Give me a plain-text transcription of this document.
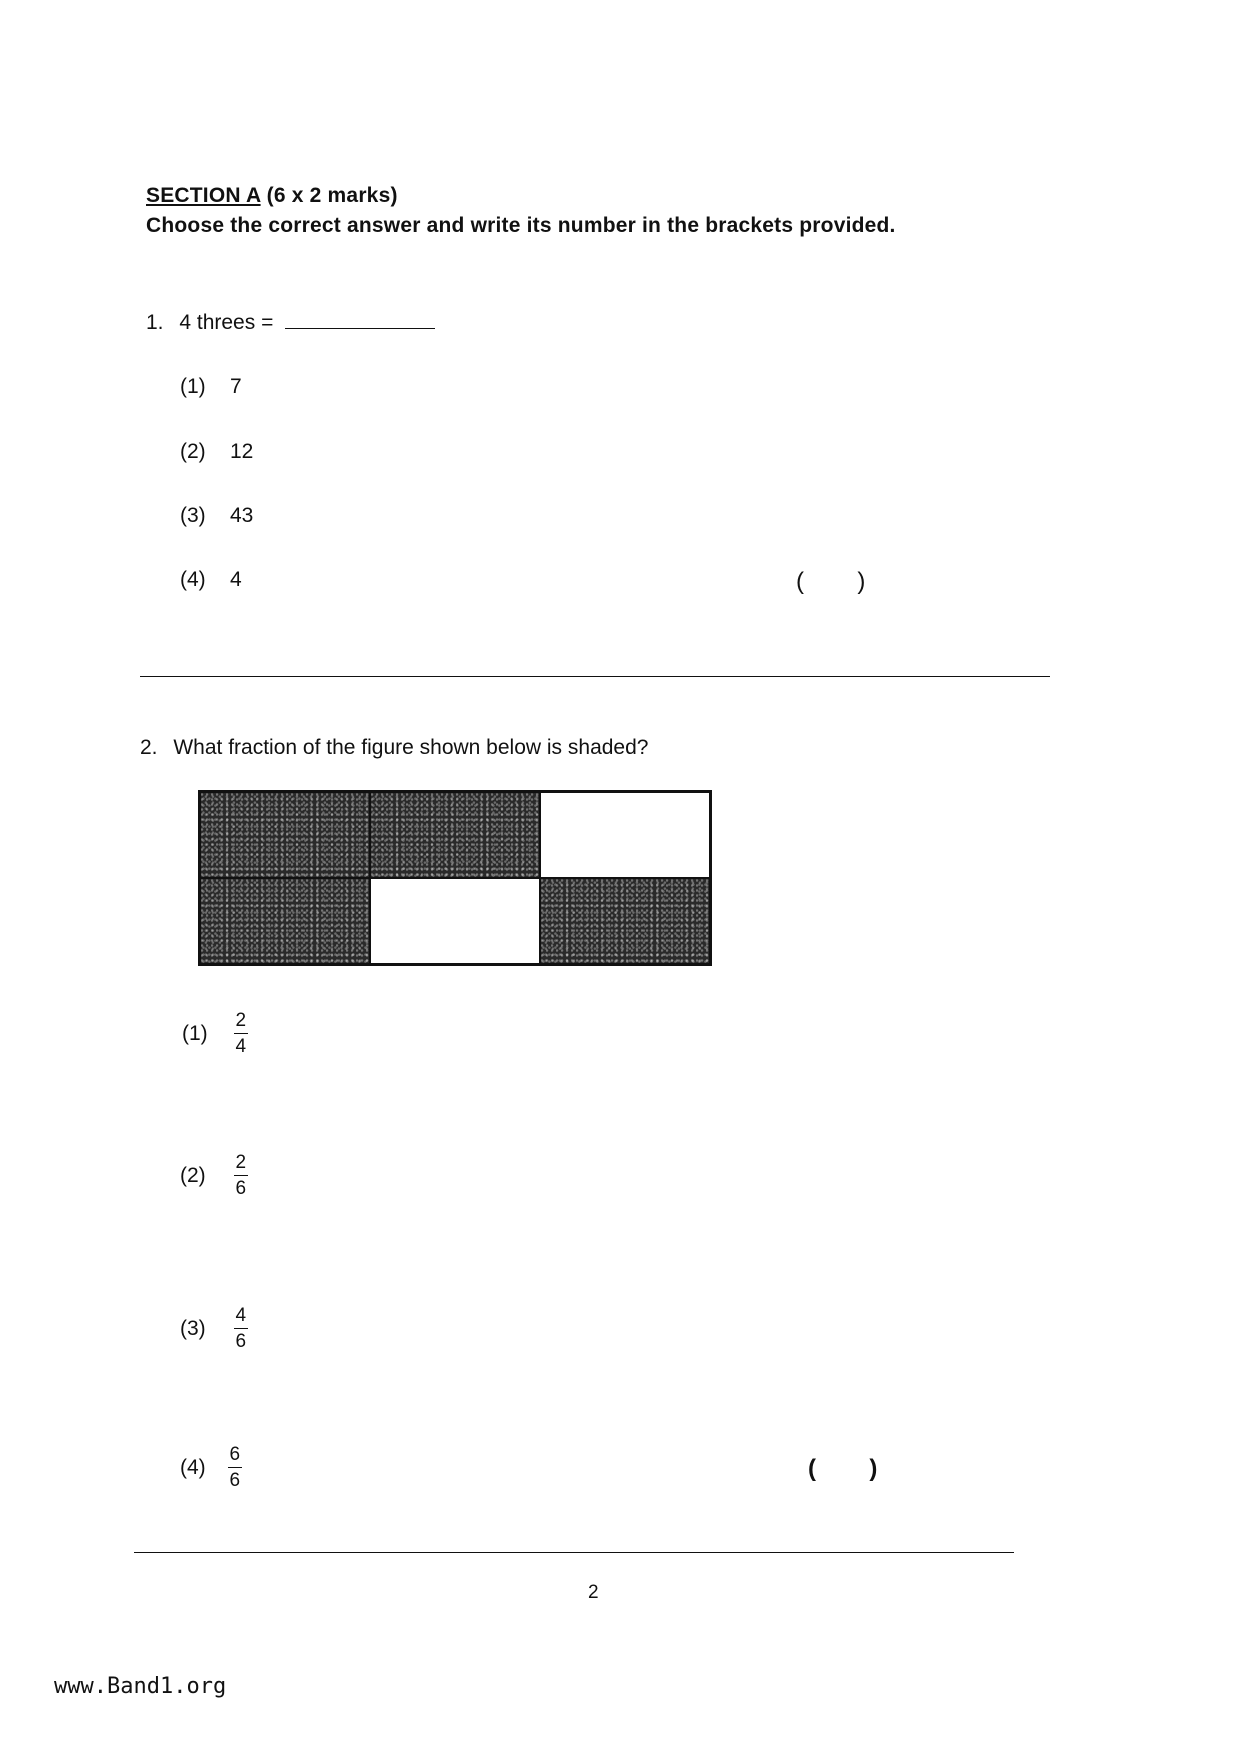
SECTION A (6 x 2 marks)
Choose the correct answer and write its number in the brackets provided.
1. 4 threes =
(1) 7
(2) 12
(3) 43
(4) 4	(        )
2. What fraction of the figure shown below is shaded?
$(1) \frac{2}{4}$
$(2) \frac{2}{6}$
$(3) \frac{4}{6}$
$(4) \frac{6}{6}$	(        )
2
www.Band1.org
